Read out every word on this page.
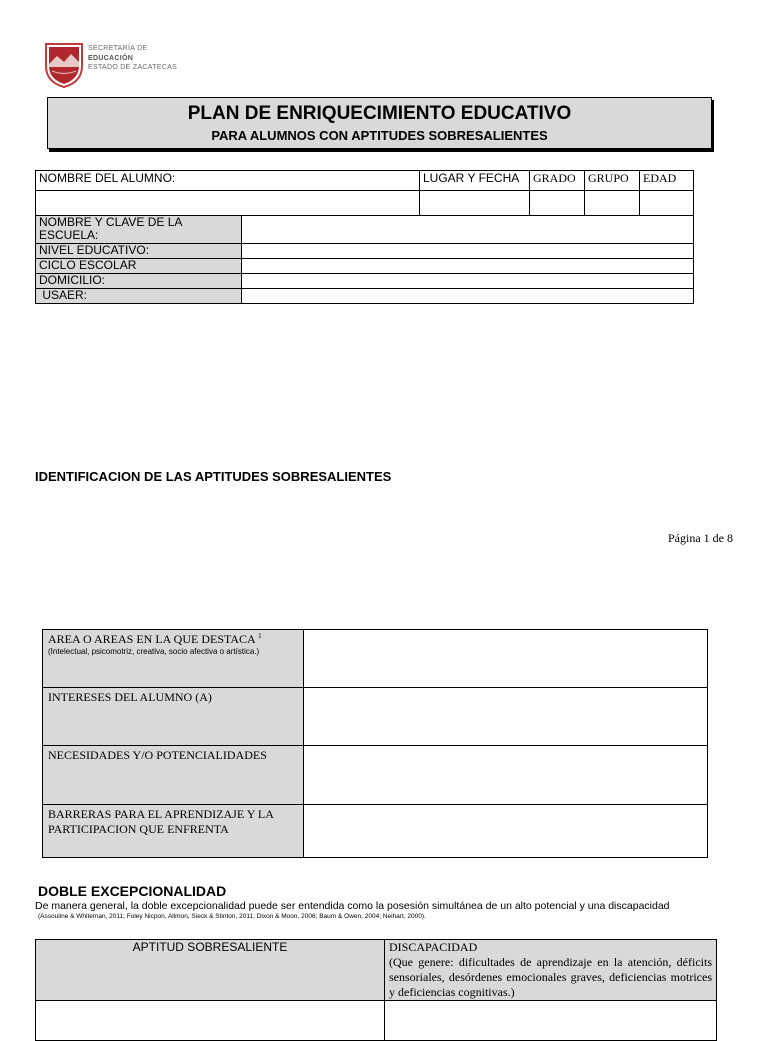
SECRETARÍA DE
EDUCACIÓN
ESTADO DE ZACATECAS
PLAN DE ENRIQUECIMIENTO EDUCATIVO
PARA ALUMNOS CON APTITUDES SOBRESALIENTES
NOMBRE DEL ALUMNO:	LUGAR Y FECHA	GRADO	GRUPO	EDAD

NOMBRE Y CLAVE DE LA ESCUELA:	
NIVEL EDUCATIVO:	
CICLO ESCOLAR	
DOMICILIO:	
USAER:	
IDENTIFICACION DE LAS APTITUDES SOBRESALIENTES
Página 1 de 8
AREA O AREAS EN LA QUE DESTACA $^1$
(Intelectual, psicomotriz, creativa, socio afectiva o artística.)	

INTERESES DEL ALUMNO (A)	
NECESIDADES Y/O POTENCIALIDADES	
BARRERAS PARA EL APRENDIZAJE Y LA PARTICIPACION QUE ENFRENTA	
DOBLE EXCEPCIONALIDAD
De manera general, la doble excepcionalidad puede ser entendida como la posesión simultánea de un alto potencial y una discapacidad
(Assouline & Whiteman, 2011; Foley Nicpon, Allmon, Sieck & Stinton, 2011; Dixon & Moon, 2006; Baum & Owen, 2004; Neihart, 2000).
APTITUD SOBRESALIENTE	DISCAPACIDAD
(Que genere: dificultades de aprendizaje en la atención, déficits sensoriales, desórdenes emocionales graves, deficiencias motrices y deficiencias cognitivas.)
